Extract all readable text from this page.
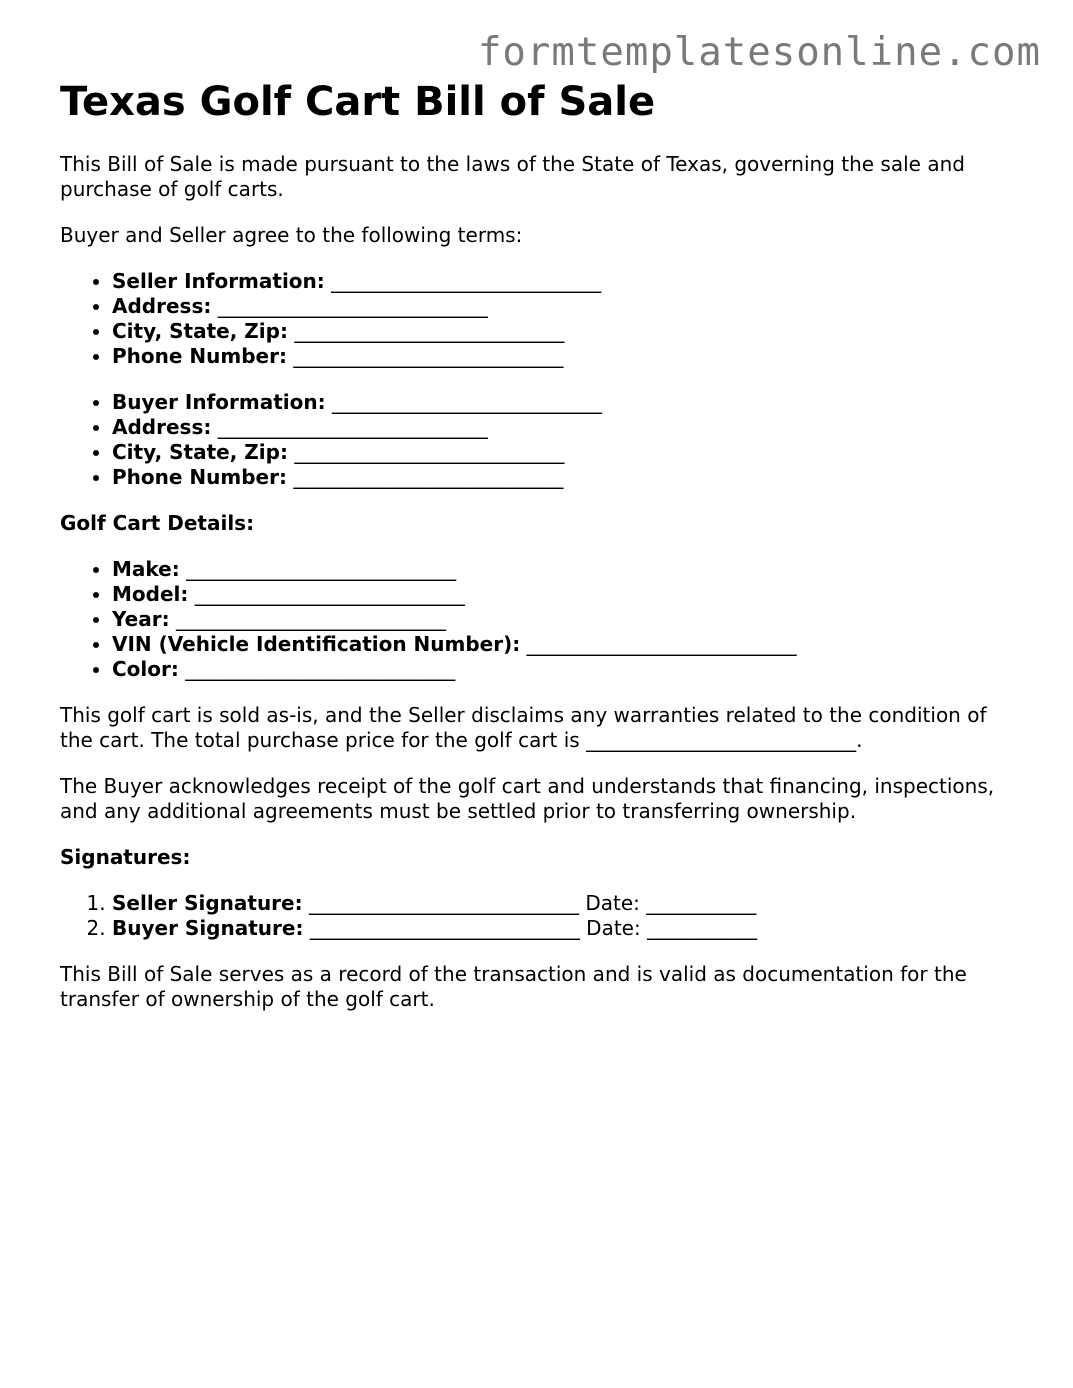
formtemplatesonline.com
Texas Golf Cart Bill of Sale

This Bill of Sale is made pursuant to the laws of the State of Texas, governing the sale and purchase of golf carts.

Buyer and Seller agree to the following terms:

• Seller Information: ___________________________
• Address: ___________________________
• City, State, Zip: ___________________________
• Phone Number: ___________________________
• Buyer Information: ___________________________
• Address: ___________________________
• City, State, Zip: ___________________________
• Phone Number: ___________________________

Golf Cart Details:

• Make: ___________________________
• Model: ___________________________
• Year: ___________________________
• VIN (Vehicle Identification Number): ___________________________
• Color: ___________________________

This golf cart is sold as-is, and the Seller disclaims any warranties related to the condition of the cart. The total purchase price for the golf cart is ___________________________.

The Buyer acknowledges receipt of the golf cart and understands that financing, inspections, and any additional agreements must be settled prior to transferring ownership.

Signatures:

1. Seller Signature: ___________________________ Date: ___________
2. Buyer Signature: ___________________________ Date: ___________

This Bill of Sale serves as a record of the transaction and is valid as documentation for the transfer of ownership of the golf cart.
